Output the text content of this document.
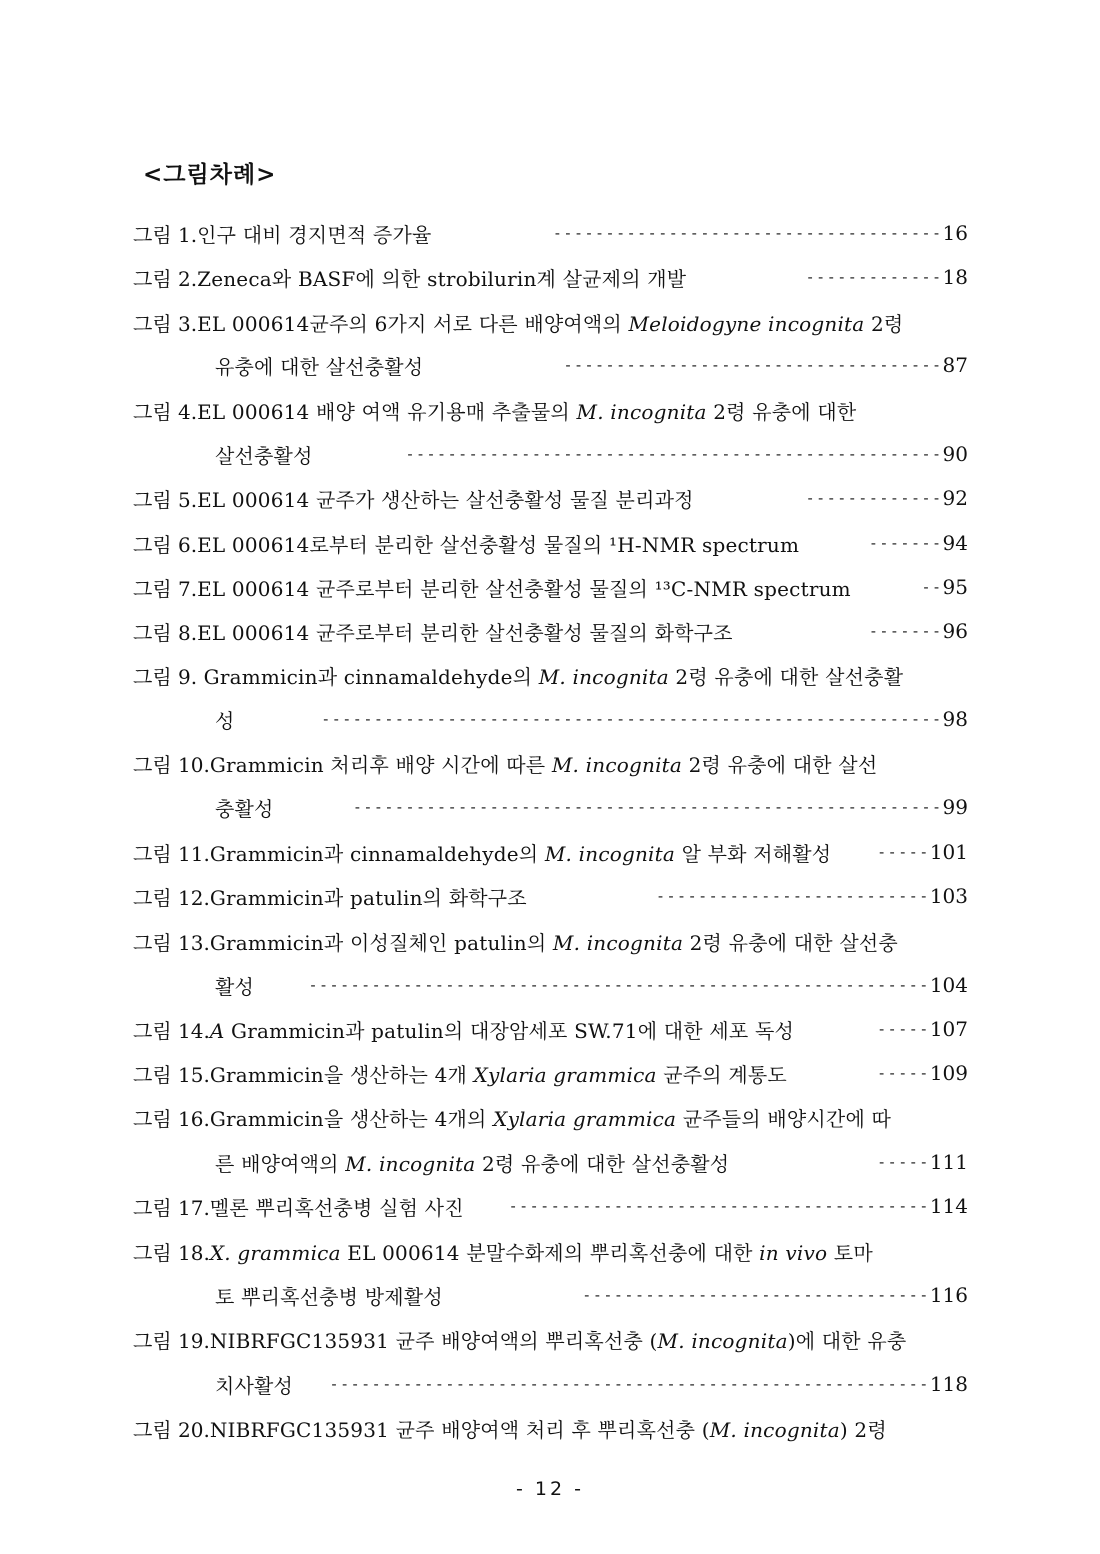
<그림차례>
그림 1. 인구 대비 경지면적 증가율	------------------------------------- 16
그림 2. Zeneca와 BASF에 의한 strobilurin계 살균제의 개발	------------- 18
그림 3. EL 000614균주의 6가지 서로 다른 배양여액의 Meloidogyne incognita 2령
유충에 대한 살선충활성	------------------------------------ 87
그림 4. EL 000614 배양 여액 유기용매 추출물의 M. incognita 2령 유충에 대한
살선충활성	--------------------------------------------------- 90
그림 5. EL 000614 균주가 생산하는 살선충활성 물질 분리과정	------------- 92
그림 6. EL 000614로부터 분리한 살선충활성 물질의 ¹H-NMR spectrum	------- 94
그림 7. EL 000614 균주로부터 분리한 살선충활성 물질의 ¹³C-NMR spectrum	-- 95
그림 8. EL 000614 균주로부터 분리한 살선충활성 물질의 화학구조	------- 96
그림 9. Grammicin과 cinnamaldehyde의 M. incognita 2령 유충에 대한 살선충활
성	----------------------------------------------------------- 98
그림 10. Grammicin 처리후 배양 시간에 따른 M. incognita 2령 유충에 대한 살선
충활성	-------------------------------------------------------- 99
그림 11. Grammicin과 cinnamaldehyde의 M. incognita 알 부화 저해활성	----- 101
그림 12. Grammicin과 patulin의 화학구조	-------------------------- 103
그림 13. Grammicin과 이성질체인 patulin의 M. incognita 2령 유충에 대한 살선충
활성	----------------------------------------------------------- 104
그림 14. A Grammicin과 patulin의 대장암세포 SW.71에 대한 세포 독성	----- 107
그림 15. Grammicin을 생산하는 4개 Xylaria grammica 균주의 계통도	----- 109
그림 16. Grammicin을 생산하는 4개의 Xylaria grammica 균주들의 배양시간에 따
른 배양여액의 M. incognita 2령 유충에 대한 살선충활성	----- 111
그림 17. 멜론 뿌리혹선충병 실험 사진	---------------------------------------- 114
그림 18. X. grammica EL 000614 분말수화제의 뿌리혹선충에 대한 in vivo 토마
토 뿌리혹선충병 방제활성	--------------------------------- 116
그림 19. NIBRFGC135931 균주 배양여액의 뿌리혹선충 (M. incognita)에 대한 유충
치사활성 --------------------------------------------------------- 118
그림 20. NIBRFGC135931 균주 배양여액 처리 후 뿌리혹선충 (M. incognita) 2령
- 12 -
